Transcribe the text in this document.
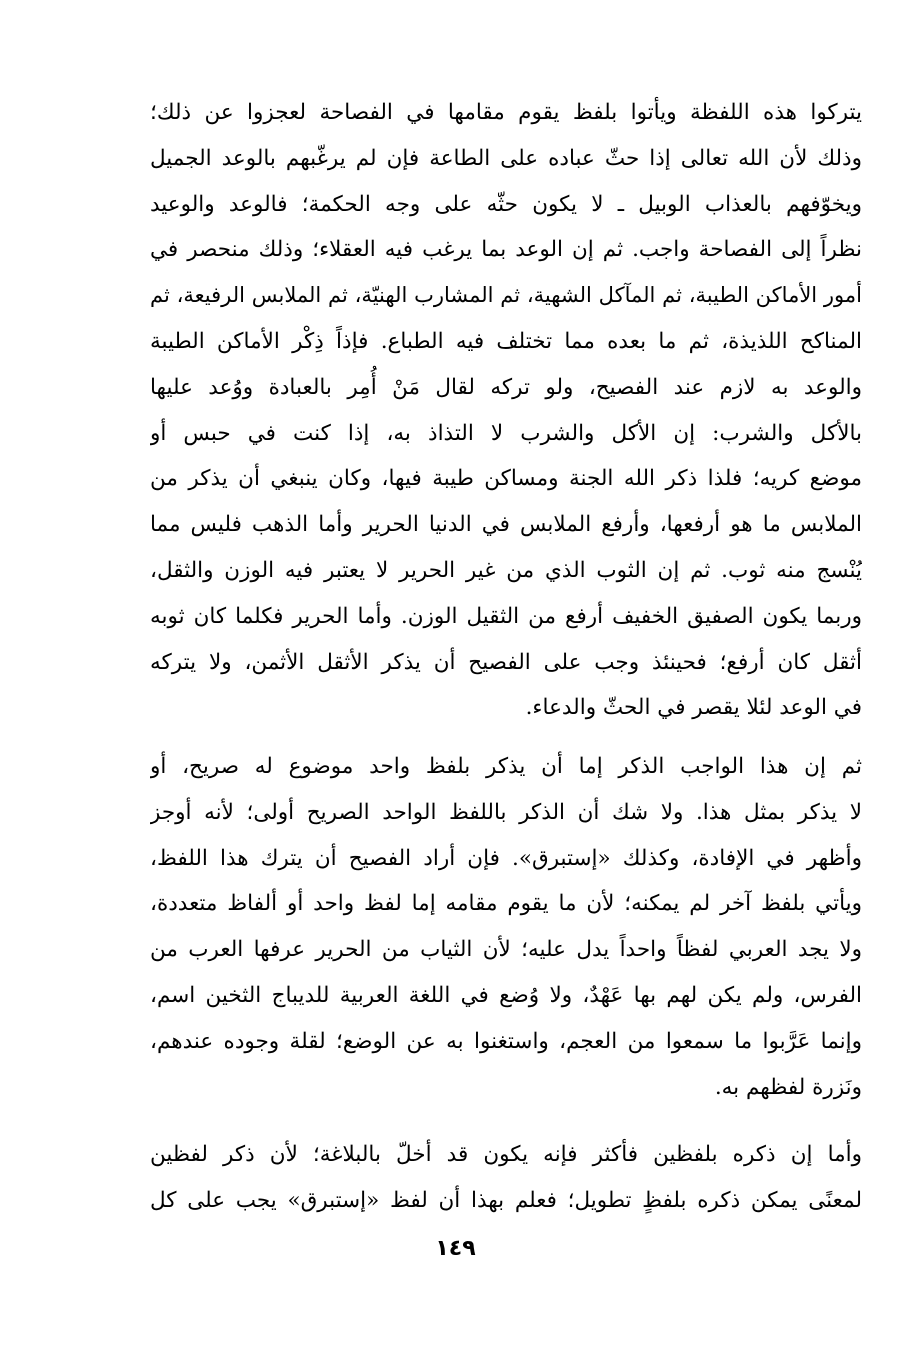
يتركوا هذه اللفظة ويأتوا بلفظ يقوم مقامها في الفصاحة لعجزوا عن ذلك؛
وذلك لأن الله تعالى إذا حثّ عباده على الطاعة فإن لم يرغّبهم بالوعد الجميل
ويخوّفهم بالعذاب الوبيل ـ لا يكون حثّه على وجه الحكمة؛ فالوعد والوعيد
نظراً إلى الفصاحة واجب. ثم إن الوعد بما يرغب فيه العقلاء؛ وذلك منحصر في
أمور الأماكن الطيبة، ثم المآكل الشهية، ثم المشارب الهنيّة، ثم الملابس الرفيعة، ثم
المناكح اللذيذة، ثم ما بعده مما تختلف فيه الطباع. فإذاً ذِكْر الأماكن الطيبة
والوعد به لازم عند الفصيح، ولو تركه لقال مَنْ أُمِر بالعبادة ووُعد عليها
بالأكل والشرب: إن الأكل والشرب لا التذاذ به، إذا كنت في حبس أو
موضع كريه؛ فلذا ذكر الله الجنة ومساكن طيبة فيها، وكان ينبغي أن يذكر من
الملابس ما هو أرفعها، وأرفع الملابس في الدنيا الحرير وأما الذهب فليس مما
يُنْسج منه ثوب. ثم إن الثوب الذي من غير الحرير لا يعتبر فيه الوزن والثقل،
وربما يكون الصفيق الخفيف أرفع من الثقيل الوزن. وأما الحرير فكلما كان ثوبه
أثقل كان أرفع؛ فحينئذ وجب على الفصيح أن يذكر الأثقل الأثمن، ولا يتركه
في الوعد لئلا يقصر في الحثّ والدعاء.
ثم إن هذا الواجب الذكر إما أن يذكر بلفظ واحد موضوع له صريح، أو
لا يذكر بمثل هذا. ولا شك أن الذكر باللفظ الواحد الصريح أولى؛ لأنه أوجز
وأظهر في الإفادة، وكذلك «إستبرق». فإن أراد الفصيح أن يترك هذا اللفظ،
ويأتي بلفظ آخر لم يمكنه؛ لأن ما يقوم مقامه إما لفظ واحد أو ألفاظ متعددة،
ولا يجد العربي لفظاً واحداً يدل عليه؛ لأن الثياب من الحرير عرفها العرب من
الفرس، ولم يكن لهم بها عَهْدٌ، ولا وُضع في اللغة العربية للديباج الثخين اسم،
وإنما عَرَّبوا ما سمعوا من العجم، واستغنوا به عن الوضع؛ لقلة وجوده عندهم،
ونَزرة لفظهم به.
وأما إن ذكره بلفظين فأكثر فإنه يكون قد أخلّ بالبلاغة؛ لأن ذكر لفظين
لمعنًى يمكن ذكره بلفظٍ تطويل؛ فعلم بهذا أن لفظ «إستبرق» يجب على كل
١٤٩
